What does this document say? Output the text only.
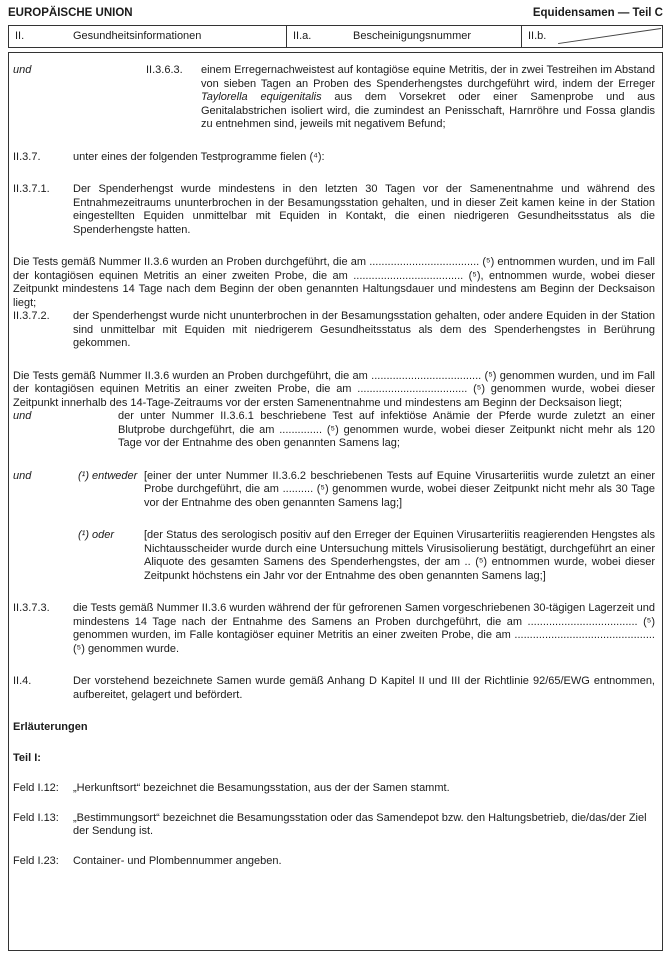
EUROPÄISCHE UNION	Equidensamen — Teil C
II.	Gesundheitsinformationen	II.a.	Bescheinigungsnummer	II.b.
und	II.3.6.3.	einem Erregernachweistest auf kontagiöse equine Metritis, der in zwei Testreihen im Abstand von sieben Tagen an Proben des Spenderhengstes durchgeführt wird, indem der Erreger Taylorella equigenitalis aus dem Vorsekret oder einer Samenprobe und aus Genitalabstrichen isoliert wird, die zumindest an Penisschaft, Harnröhre und Fossa glandis zu entnehmen sind, jeweils mit negativem Befund;

II.3.7.	unter eines der folgenden Testprogramme fielen (⁴):

II.3.7.1.	Der Spenderhengst wurde mindestens in den letzten 30 Tagen vor der Samenentnahme und während des Entnahmezeitraums ununterbrochen in der Besamungsstation gehalten, und in dieser Zeit kamen keine in der Station eingestellten Equiden unmittelbar mit Equiden in Kontakt, die einen niedrigeren Gesundheitsstatus als die Spenderhengste hatten.

Die Tests gemäß Nummer II.3.6 wurden an Proben durchgeführt, die am .................................... (⁵) entnommen wurden, und im Fall der kontagiösen equinen Metritis an einer zweiten Probe, die am .................................... (⁵), entnommen wurde, wobei dieser Zeitpunkt mindestens 14 Tage nach dem Beginn der oben genannten Haltungsdauer und mindestens am Beginn der Decksaison liegt;

II.3.7.2.	der Spenderhengst wurde nicht ununterbrochen in der Besamungsstation gehalten, oder andere Equiden in der Station sind unmittelbar mit Equiden mit niedrigerem Gesundheitsstatus als dem des Spenderhengstes in Berührung gekommen.

Die Tests gemäß Nummer II.3.6 wurden an Proben durchgeführt, die am .................................... (⁵) genommen wurden, und im Fall der kontagiösen equinen Metritis an einer zweiten Probe, die am .................................... (⁵) genommen wurde, wobei dieser Zeitpunkt innerhalb des 14-Tage-Zeitraums vor der ersten Samenentnahme und mindestens am Beginn der Decksaison liegt;

und	der unter Nummer II.3.6.1 beschriebene Test auf infektiöse Anämie der Pferde wurde zuletzt an einer Blutprobe durchgeführt, die am .............. (⁵) genommen wurde, wobei dieser Zeitpunkt nicht mehr als 120 Tage vor der Entnahme des oben genannten Samens lag;

und	(¹) entweder [einer der unter Nummer II.3.6.2 beschriebenen Tests auf Equine Virusarteriitis wurde zuletzt an einer Probe durchgeführt, die am .......... (⁵) genommen wurde, wobei dieser Zeitpunkt nicht mehr als 30 Tage vor der Entnahme des oben genannten Samens lag;]

(¹) oder	[der Status des serologisch positiv auf den Erreger der Equinen Virusarteriitis reagierenden Hengstes als Nichtausscheider wurde durch eine Untersuchung mittels Virusisolierung bestätigt, durchgeführt an einer Aliquote des gesamten Samens des Spenderhengstes, der am .. (⁵) entnommen wurde, wobei dieser Zeitpunkt höchstens ein Jahr vor der Entnahme des oben genannten Samens lag;]

II.3.7.3.	die Tests gemäß Nummer II.3.6 wurden während der für gefrorenen Samen vorgeschriebenen 30-tägigen Lagerzeit und mindestens 14 Tage nach der Entnahme des Samens an Proben durchgeführt, die am .................................... (⁵) genommen wurden, im Falle kontagiöser equiner Metritis an einer zweiten Probe, die am .............................................. (⁵) genommen wurde.

II.4.	Der vorstehend bezeichnete Samen wurde gemäß Anhang D Kapitel II und III der Richtlinie 92/65/EWG entnommen, aufbereitet, gelagert und befördert.

Erläuterungen

Teil I:

Feld I.12:	„Herkunftsort“ bezeichnet die Besamungsstation, aus der der Samen stammt.

Feld I.13:	„Bestimmungsort“ bezeichnet die Besamungsstation oder das Samendepot bzw. den Haltungsbetrieb, die/das/der Ziel der Sendung ist.

Feld I.23:	Container- und Plombennummer angeben.
